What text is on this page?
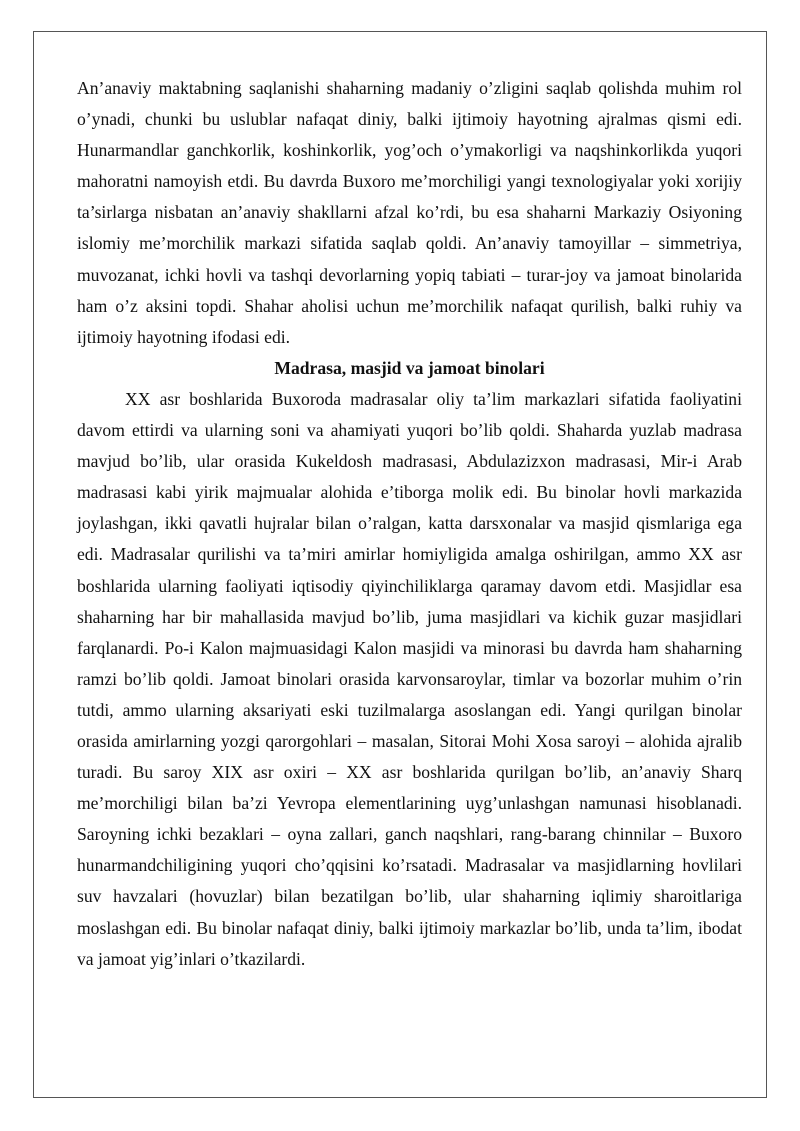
An’anaviy maktabning saqlanishi shaharning madaniy o’zligini saqlab qolishda muhim rol o’ynadi, chunki bu uslublar nafaqat diniy, balki ijtimoiy hayotning ajralmas qismi edi. Hunarmandlar ganchkorlik, koshinkorlik, yog’och o’ymakorligi va naqshinkorlikda yuqori mahoratni namoyish etdi. Bu davrda Buxoro me’morchiligi yangi texnologiyalar yoki xorijiy ta’sirlarga nisbatan an’anaviy shakllarni afzal ko’rdi, bu esa shaharni Markaziy Osiyoning islomiy me’morchilik markazi sifatida saqlab qoldi. An’anaviy tamoyillar – simmetriya, muvozanat, ichki hovli va tashqi devorlarning yopiq tabiati – turar-joy va jamoat binolarida ham o’z aksini topdi. Shahar aholisi uchun me’morchilik nafaqat qurilish, balki ruhiy va ijtimoiy hayotning ifodasi edi.

Madrasa, masjid va jamoat binolari

XX asr boshlarida Buxoroda madrasalar oliy ta’lim markazlari sifatida faoliyatini davom ettirdi va ularning soni va ahamiyati yuqori bo’lib qoldi. Shaharda yuzlab madrasa mavjud bo’lib, ular orasida Kukeldosh madrasasi, Abdulazizxon madrasasi, Mir-i Arab madrasasi kabi yirik majmualar alohida e’tiborga molik edi. Bu binolar hovli markazida joylashgan, ikki qavatli hujralar bilan o’ralgan, katta darsxonalar va masjid qismlariga ega edi. Madrasalar qurilishi va ta’miri amirlar homiyligida amalga oshirilgan, ammo XX asr boshlarida ularning faoliyati iqtisodiy qiyinchiliklarga qaramay davom etdi. Masjidlar esa shaharning har bir mahallasida mavjud bo’lib, juma masjidlari va kichik guzar masjidlari farqlanardi. Po-i Kalon majmuasidagi Kalon masjidi va minorasi bu davrda ham shaharning ramzi bo’lib qoldi. Jamoat binolari orasida karvonsaroylar, timlar va bozorlar muhim o’rin tutdi, ammo ularning aksariyati eski tuzilmalarga asoslangan edi. Yangi qurilgan binolar orasida amirlarning yozgi qarorgohlari – masalan, Sitorai Mohi Xosa saroyi – alohida ajralib turadi. Bu saroy XIX asr oxiri – XX asr boshlarida qurilgan bo’lib, an’anaviy Sharq me’morchiligi bilan ba’zi Yevropa elementlarining uyg’unlashgan namunasi hisoblanadi. Saroyning ichki bezaklari – oyna zallari, ganch naqshlari, rang-barang chinnilar – Buxoro hunarmandchiligining yuqori cho’qqisini ko’rsatadi. Madrasalar va masjidlarning hovlilari suv havzalari (hovuzlar) bilan bezatilgan bo’lib, ular shaharning iqlimiy sharoitlariga moslashgan edi. Bu binolar nafaqat diniy, balki ijtimoiy markazlar bo’lib, unda ta’lim, ibodat va jamoat yig’inlari o’tkazilardi.
